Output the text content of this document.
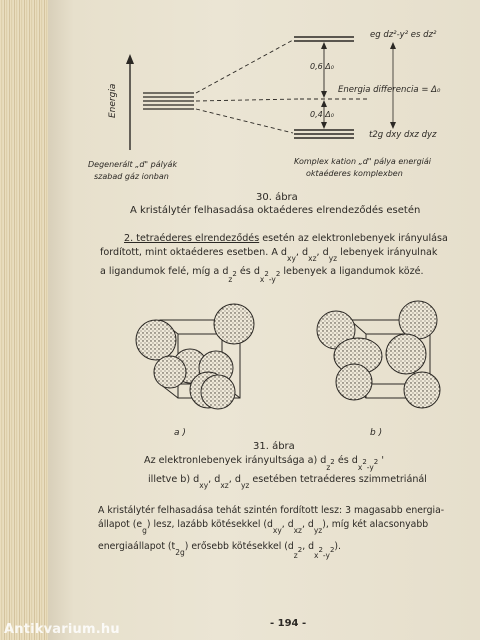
eg dz²-y² es dz²
0,6 Δ₀
Energia differencia = Δ₀
0,4 Δ₀
t2g dxy dxz dyz
Energia
Degenerált „d" pályák
szabad gáz ionban
Komplex kation „d" pálya energiái
oktaéderes komplexben
30. ábra
A kristálytér felhasadása oktaéderes elrendeződés esetén
2. tetraéderes elrendeződés esetén az elektronlebenyek irányulása
fordított, mint oktaéderes esetben. A $d_{xy}$, $d_{xz}$, $d_{yz}$ lebenyek irányulnak
a ligandumok felé, míg a $d_{z2}$ és $d_{x2-y2}$ lebenyek a ligandumok közé.
a )	b )
31. ábra
Az elektronlebenyek irányultsága a) $d_z2$ és $d_x2_{-y}2$ '
illetve b) $d_{xy}$, $d_{xz}$, $d_{yz}$ esetében tetraéderes szimmetriánál
A kristálytér felhasadása tehát szintén fordított lesz: 3 magasabb energia-
állapot $(e_g)$ lesz, lazább kötésekkel ($d_{xy}$, $d_{xz}$, $d_{yz}$), míg két alacsonyabb
energiaállapot $(t_{2g})$ erősebb kötésekkel ($d_{z2}$, $d_{x2-y2}$).
- 194 -
Antikvarium.hu
